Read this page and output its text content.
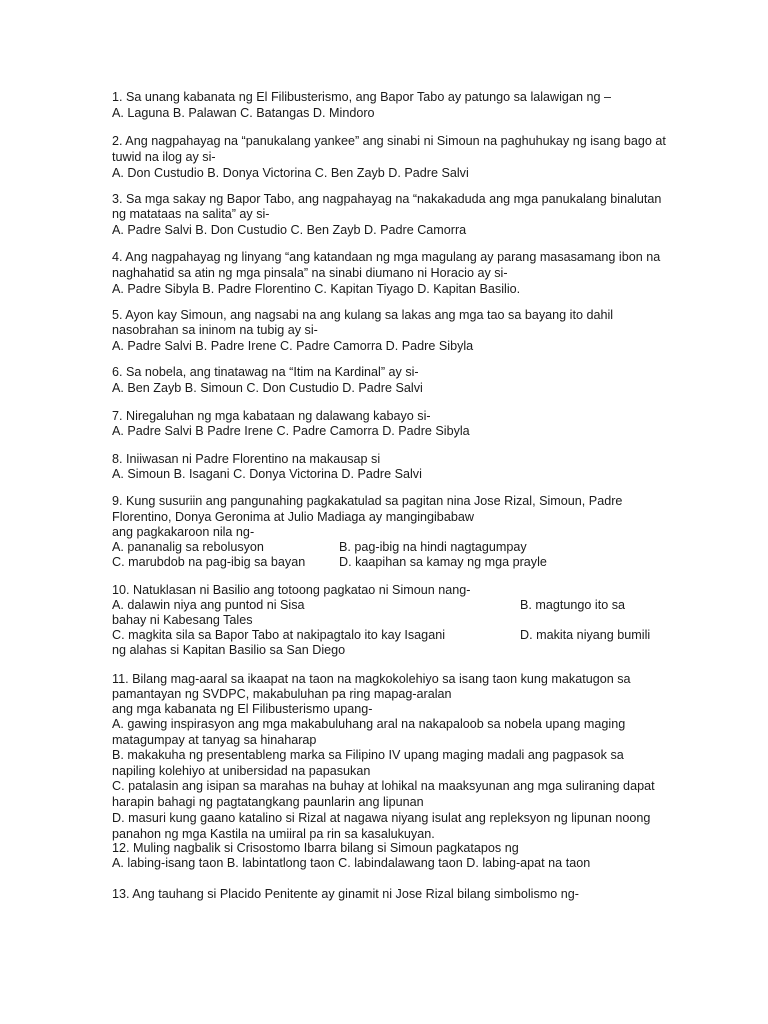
1. Sa unang kabanata ng El Filibusterismo, ang Bapor Tabo ay patungo sa lalawigan ng –
A. Laguna B. Palawan C. Batangas D. Mindoro
2. Ang nagpahayag na “panukalang yankee” ang sinabi ni Simoun na paghuhukay ng isang bago at
tuwid na ilog ay si-
A. Don Custudio B. Donya Victorina C. Ben Zayb D. Padre Salvi
3. Sa mga sakay ng Bapor Tabo, ang nagpahayag na “nakakaduda ang mga panukalang binalutan
ng matataas na salita” ay si-
A. Padre Salvi B. Don Custudio C. Ben Zayb D. Padre Camorra
4. Ang nagpahayag ng linyang “ang katandaan ng mga magulang ay parang masasamang ibon na
naghahatid sa atin ng mga pinsala” na sinabi diumano ni Horacio ay si-
A. Padre Sibyla B. Padre Florentino C. Kapitan Tiyago D. Kapitan Basilio.
5. Ayon kay Simoun, ang nagsabi na ang kulang sa lakas ang mga tao sa bayang ito dahil
nasobrahan sa ininom na tubig ay si-
A. Padre Salvi B. Padre Irene C. Padre Camorra D. Padre Sibyla
6. Sa nobela, ang tinatawag na “Itim na Kardinal” ay si-
A. Ben Zayb B. Simoun C. Don Custudio D. Padre Salvi
7. Niregaluhan ng mga kabataan ng dalawang kabayo si-
A. Padre Salvi B Padre Irene C. Padre Camorra D. Padre Sibyla
8. Iniiwasan ni Padre Florentino na makausap si
A. Simoun B. Isagani C. Donya Victorina D. Padre Salvi
9. Kung susuriin ang pangunahing pagkakatulad sa pagitan nina Jose Rizal, Simoun, Padre
Florentino, Donya Geronima at Julio Madiaga ay mangingibabaw
ang pagkakaroon nila ng-
A. pananalig sa rebolusyon	B. pag-ibig na hindi nagtagumpay
C. marubdob na pag-ibig sa bayan	D. kaapihan sa kamay ng mga prayle
10. Natuklasan ni Basilio ang totoong pagkatao ni Simoun nang-
A. dalawin niya ang puntod ni Sisa	B. magtungo ito sa
bahay ni Kabesang Tales
C. magkita sila sa Bapor Tabo at nakipagtalo ito kay Isagani	D. makita niyang bumili
ng alahas si Kapitan Basilio sa San Diego
11. Bilang mag-aaral sa ikaapat na taon na magkokolehiyo sa isang taon kung makatugon sa
pamantayan ng SVDPC, makabuluhan pa ring mapag-aralan
ang mga kabanata ng El Filibusterismo upang-
A. gawing inspirasyon ang mga makabuluhang aral na nakapaloob sa nobela upang maging
matagumpay at tanyag sa hinaharap
B. makakuha ng presentableng marka sa Filipino IV upang maging madali ang pagpasok sa
napiling kolehiyo at unibersidad na papasukan
C. patalasin ang isipan sa marahas na buhay at lohikal na maaksyunan ang mga suliraning dapat
harapin bahagi ng pagtatangkang paunlarin ang lipunan
D. masuri kung gaano katalino si Rizal at nagawa niyang isulat ang repleksyon ng lipunan noong
panahon ng mga Kastila na umiiral pa rin sa kasalukuyan.
12. Muling nagbalik si Crisostomo Ibarra bilang si Simoun pagkatapos ng
A. labing-isang taon B. labintatlong taon C. labindalawang taon D. labing-apat na taon
13. Ang tauhang si Placido Penitente ay ginamit ni Jose Rizal bilang simbolismo ng-
